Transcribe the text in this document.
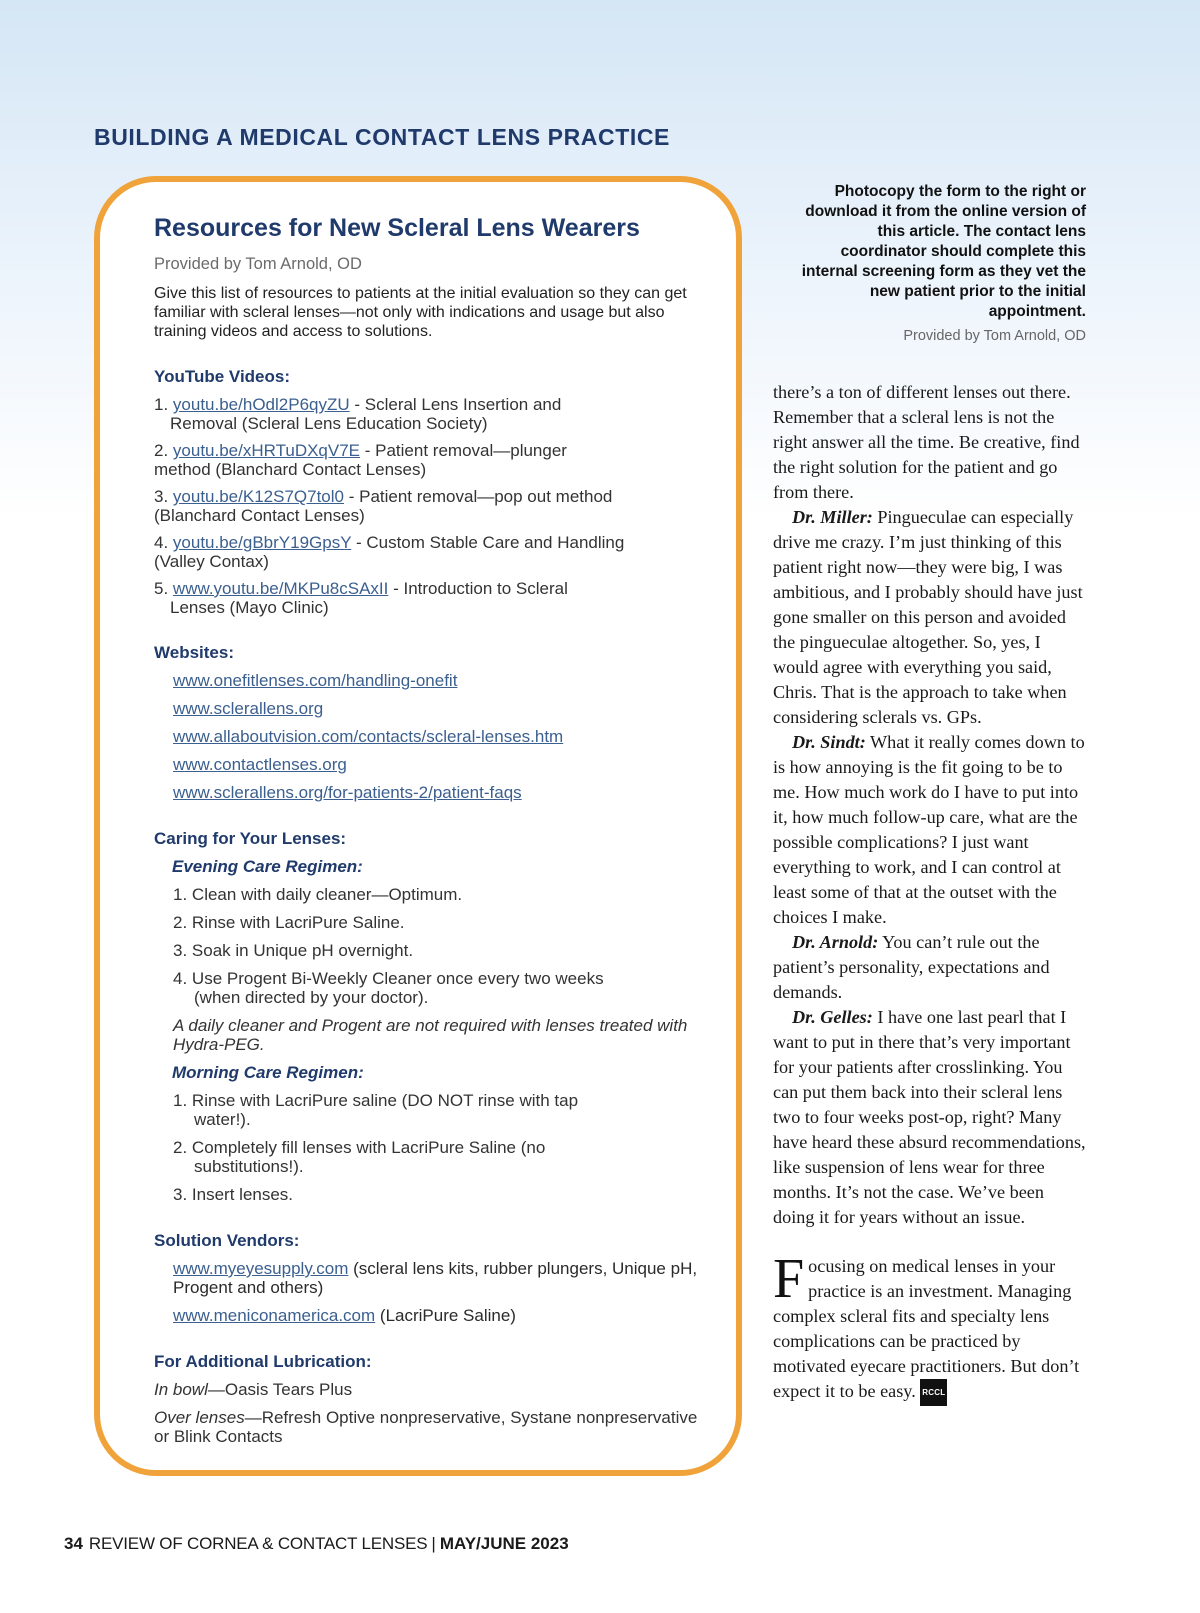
BUILDING A MEDICAL CONTACT LENS PRACTICE
Resources for New Scleral Lens Wearers
Provided by Tom Arnold, OD
Give this list of resources to patients at the initial evaluation so they can get familiar with scleral lenses—not only with indications and usage but also training videos and access to solutions.
YouTube Videos:
1. youtu.be/hOdl2P6qyZU - Scleral Lens Insertion and
Removal (Scleral Lens Education Society)
2. youtu.be/xHRTuDXqV7E - Patient removal—plunger
method (Blanchard Contact Lenses)
3. youtu.be/K12S7Q7tol0 - Patient removal—pop out method
(Blanchard Contact Lenses)
4. youtu.be/gBbrY19GpsY - Custom Stable Care and Handling
(Valley Contax)
5. www.youtu.be/MKPu8cSAxII - Introduction to Scleral
Lenses (Mayo Clinic)
Websites:
www.onefitlenses.com/handling-onefit
www.sclerallens.org
www.allaboutvision.com/contacts/scleral-lenses.htm
www.contactlenses.org
www.sclerallens.org/for-patients-2/patient-faqs
Caring for Your Lenses:
Evening Care Regimen:
1. Clean with daily cleaner—Optimum.
2. Rinse with LacriPure Saline.
3. Soak in Unique pH overnight.
4. Use Progent Bi-Weekly Cleaner once every two weeks
(when directed by your doctor).
A daily cleaner and Progent are not required with lenses treated with Hydra-PEG.
Morning Care Regimen:
1. Rinse with LacriPure saline (DO NOT rinse with tap
water!).
2. Completely fill lenses with LacriPure Saline (no
substitutions!).
3. Insert lenses.
Solution Vendors:
www.myeyesupply.com (scleral lens kits, rubber plungers, Unique pH, Progent and others)
www.meniconamerica.com (LacriPure Saline)
For Additional Lubrication:
In bowl—Oasis Tears Plus
Over lenses—Refresh Optive nonpreservative, Systane nonpreservative or Blink Contacts
Photocopy the form to the right or download it from the online version of this article. The contact lens coordinator should complete this internal screening form as they vet the new patient prior to the initial appointment.
Provided by Tom Arnold, OD

there’s a ton of different lenses out there. Remember that a scleral lens is not the right answer all the time. Be creative, find the right solution for the patient and go from there.

Dr. Miller: Pingueculae can especially drive me crazy. I’m just thinking of this patient right now—they were big, I was ambitious, and I probably should have just gone smaller on this person and avoided the pingueculae altogether. So, yes, I would agree with everything you said, Chris. That is the approach to take when considering sclerals vs. GPs.

Dr. Sindt: What it really comes down to is how annoying is the fit going to be to me. How much work do I have to put into it, how much follow-up care, what are the possible complications? I just want everything to work, and I can control at least some of that at the outset with the choices I make.

Dr. Arnold: You can’t rule out the patient’s personality, expectations and demands.

Dr. Gelles: I have one last pearl that I want to put in there that’s very important for your patients after crosslinking. You can put them back into their scleral lens two to four weeks post-op, right? Many have heard these absurd recommendations, like suspension of lens wear for three months. It’s not the case. We’ve been doing it for years without an issue.

Focusing on medical lenses in your practice is an investment. Managing complex scleral fits and specialty lens complications can be practiced by motivated eyecare practitioners. But don’t expect it to be easy. RCCL

34 REVIEW OF CORNEA & CONTACT LENSES | MAY/JUNE 2023
